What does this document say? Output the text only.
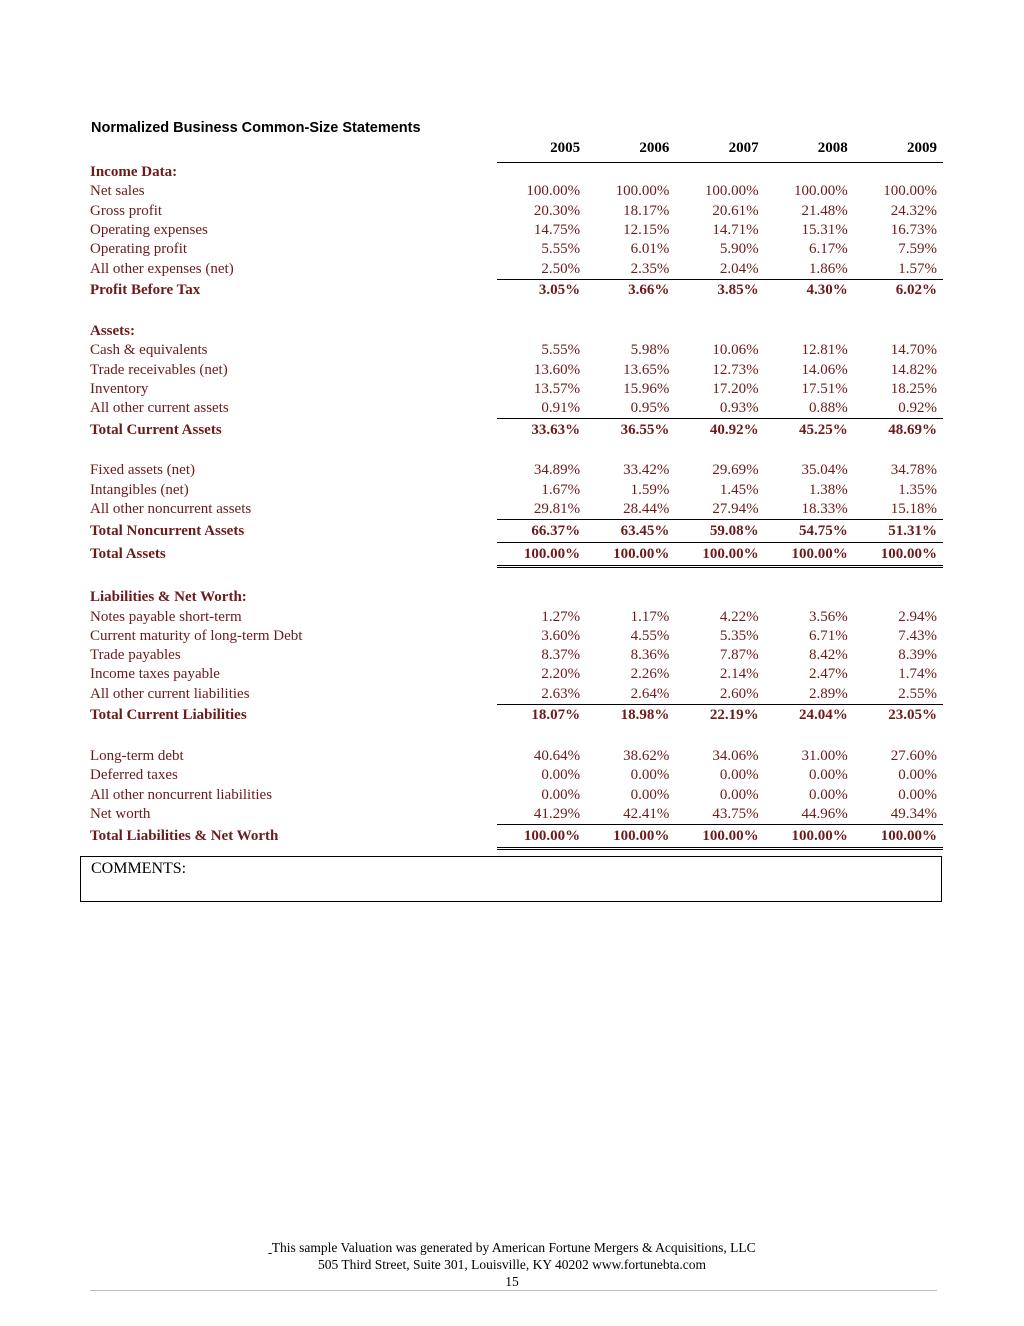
Normalized Business Common-Size Statements
	2005	2006	2007	2008	2009
Income Data:					
Net sales	100.00%	100.00%	100.00%	100.00%	100.00%
Gross profit	20.30%	18.17%	20.61%	21.48%	24.32%
Operating expenses	14.75%	12.15%	14.71%	15.31%	16.73%
Operating profit	5.55%	6.01%	5.90%	6.17%	7.59%
All other expenses (net)	2.50%	2.35%	2.04%	1.86%	1.57%
Profit Before Tax	3.05%	3.66%	3.85%	4.30%	6.02%

Assets:					
Cash & equivalents	5.55%	5.98%	10.06%	12.81%	14.70%
Trade receivables (net)	13.60%	13.65%	12.73%	14.06%	14.82%
Inventory	13.57%	15.96%	17.20%	17.51%	18.25%
All other current assets	0.91%	0.95%	0.93%	0.88%	0.92%
Total Current Assets	33.63%	36.55%	40.92%	45.25%	48.69%

Fixed assets (net)	34.89%	33.42%	29.69%	35.04%	34.78%
Intangibles (net)	1.67%	1.59%	1.45%	1.38%	1.35%
All other noncurrent assets	29.81%	28.44%	27.94%	18.33%	15.18%
Total Noncurrent Assets	66.37%	63.45%	59.08%	54.75%	51.31%
Total Assets	100.00%	100.00%	100.00%	100.00%	100.00%

Liabilities & Net Worth:					
Notes payable short-term	1.27%	1.17%	4.22%	3.56%	2.94%
Current maturity of long-term Debt	3.60%	4.55%	5.35%	6.71%	7.43%
Trade payables	8.37%	8.36%	7.87%	8.42%	8.39%
Income taxes payable	2.20%	2.26%	2.14%	2.47%	1.74%
All other current liabilities	2.63%	2.64%	2.60%	2.89%	2.55%
Total Current Liabilities	18.07%	18.98%	22.19%	24.04%	23.05%

Long-term debt	40.64%	38.62%	34.06%	31.00%	27.60%
Deferred taxes	0.00%	0.00%	0.00%	0.00%	0.00%
All other noncurrent liabilities	0.00%	0.00%	0.00%	0.00%	0.00%
Net worth	41.29%	42.41%	43.75%	44.96%	49.34%
Total Liabilities & Net Worth	100.00%	100.00%	100.00%	100.00%	100.00%
COMMENTS:
This sample Valuation was generated by American Fortune Mergers & Acquisitions, LLC
505 Third Street, Suite 301, Louisville, KY 40202 www.fortunebta.com
15
